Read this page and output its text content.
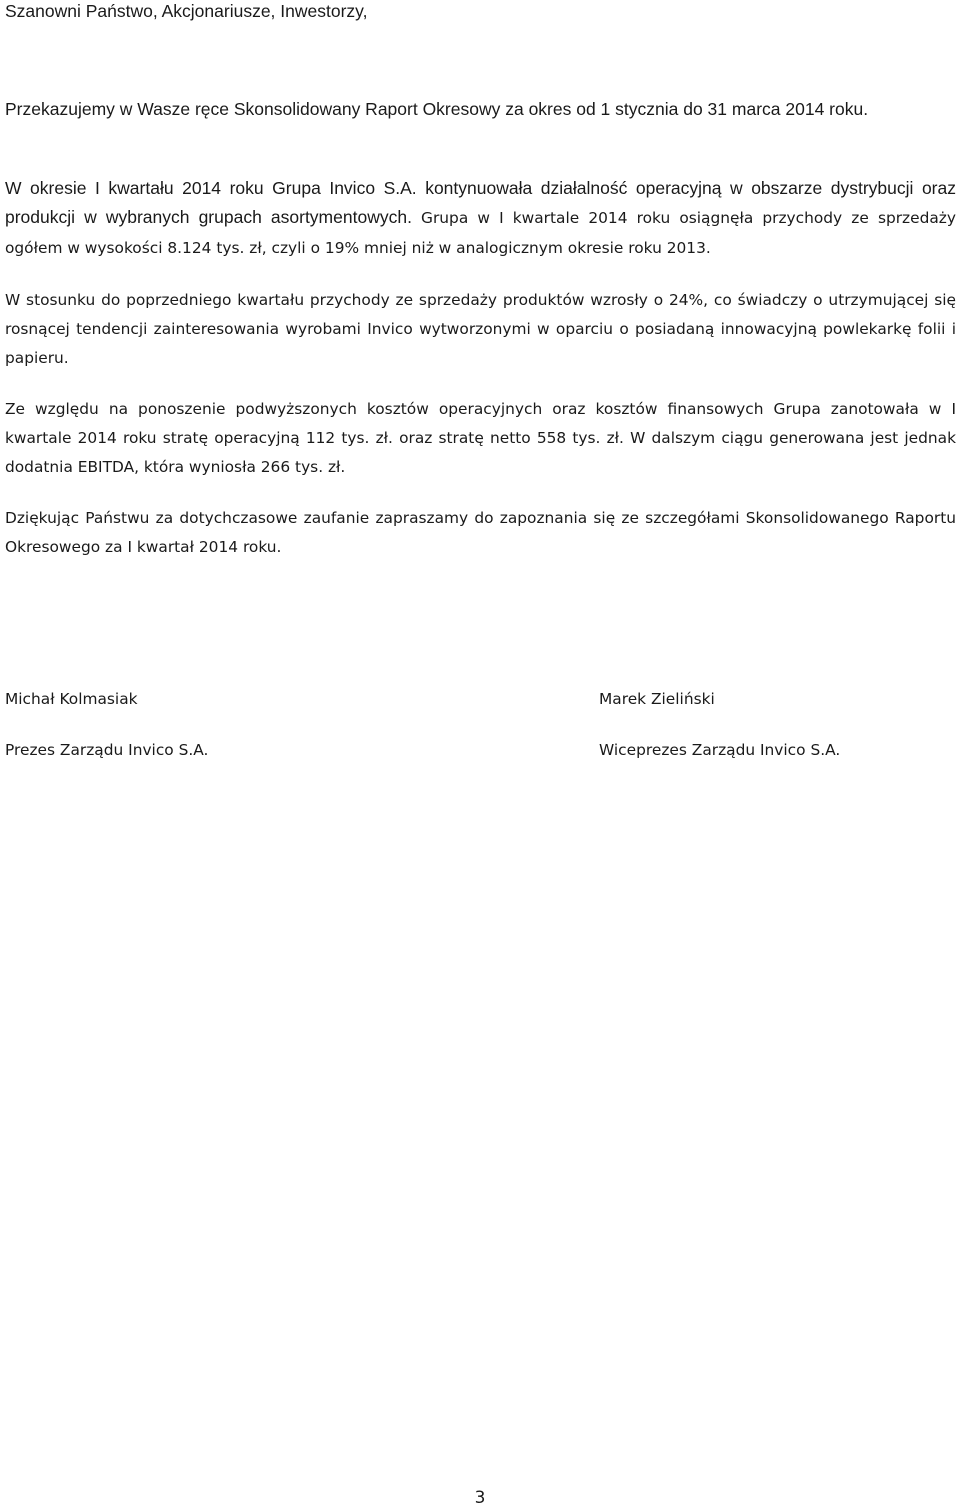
Szanowni Państwo, Akcjonariusze, Inwestorzy,

Przekazujemy w Wasze ręce Skonsolidowany Raport Okresowy za okres od 1 stycznia do 31 marca 2014 roku.

W okresie I kwartału 2014 roku Grupa Invico S.A. kontynuowała działalność operacyjną w obszarze dystrybucji oraz produkcji w wybranych grupach asortymentowych. Grupa w I kwartale 2014 roku osiągnęła przychody ze sprzedaży ogółem w wysokości 8.124 tys. zł, czyli o 19% mniej niż w analogicznym okresie roku 2013.

W stosunku do poprzedniego kwartału przychody ze sprzedaży produktów wzrosły o 24%, co świadczy o utrzymującej się rosnącej tendencji zainteresowania wyrobami Invico wytworzonymi w oparciu o posiadaną innowacyjną powlekarkę folii i papieru.

Ze względu na ponoszenie podwyższonych kosztów operacyjnych oraz kosztów finansowych Grupa zanotowała w I kwartale 2014 roku stratę operacyjną 112 tys. zł. oraz stratę netto 558 tys. zł. W dalszym ciągu generowana jest jednak dodatnia EBITDA, która wyniosła 266 tys. zł.

Dziękując Państwu za dotychczasowe zaufanie zapraszamy do zapoznania się ze szczegółami Skonsolidowanego Raportu Okresowego za I kwartał 2014 roku.

Michał Kolmasiak
Prezes Zarządu Invico S.A.
Marek Zieliński
Wiceprezes Zarządu Invico S.A.
3
